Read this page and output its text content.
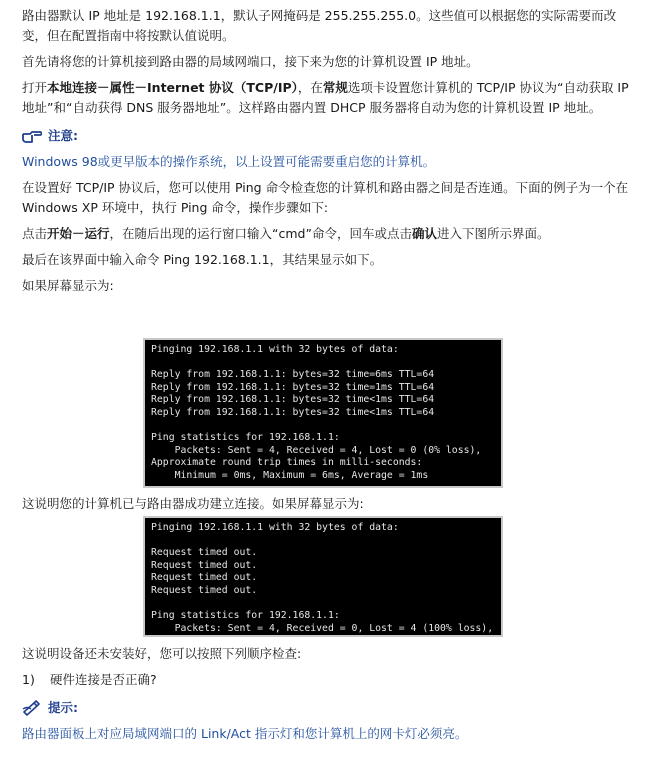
路由器默认 IP 地址是 192.168.1.1，默认子网掩码是 255.255.255.0。这些值可以根据您的实际需要而改变，但在配置指南中将按默认值说明。

首先请将您的计算机接到路由器的局域网端口，接下来为您的计算机设置 IP 地址。

打开本地连接－属性－Internet 协议（TCP/IP），在常规选项卡设置您计算机的 TCP/IP 协议为“自动获取 IP 地址”和“自动获得 DNS 服务器地址”。这样路由器内置 DHCP 服务器将自动为您的计算机设置 IP 地址。

注意:

Windows 98或更早版本的操作系统，以上设置可能需要重启您的计算机。

在设置好 TCP/IP 协议后，您可以使用 Ping 命令检查您的计算机和路由器之间是否连通。下面的例子为一个在 Windows XP 环境中，执行 Ping 命令，操作步骤如下:

点击开始－运行，在随后出现的运行窗口输入“cmd”命令，回车或点击确认进入下图所示界面。

最后在该界面中输入命令 Ping 192.168.1.1，其结果显示如下。

如果屏幕显示为:

Pinging 192.168.1.1 with 32 bytes of data:

Reply from 192.168.1.1: bytes=32 time=6ms TTL=64
Reply from 192.168.1.1: bytes=32 time=1ms TTL=64
Reply from 192.168.1.1: bytes=32 time<1ms TTL=64
Reply from 192.168.1.1: bytes=32 time<1ms TTL=64

Ping statistics for 192.168.1.1:
Packets: Sent = 4, Received = 4, Lost = 0 (0% loss),
Approximate round trip times in milli-seconds:
Minimum = 0ms, Maximum = 6ms, Average = 1ms

这说明您的计算机已与路由器成功建立连接。如果屏幕显示为:

Pinging 192.168.1.1 with 32 bytes of data:

Request timed out.
Request timed out.
Request timed out.
Request timed out.

Ping statistics for 192.168.1.1:
Packets: Sent = 4, Received = 0, Lost = 4 (100% loss),

这说明设备还未安装好，您可以按照下列顺序检查:

1) 硬件连接是否正确?

提示:

路由器面板上对应局域网端口的 Link/Act 指示灯和您计算机上的网卡灯必须亮。
